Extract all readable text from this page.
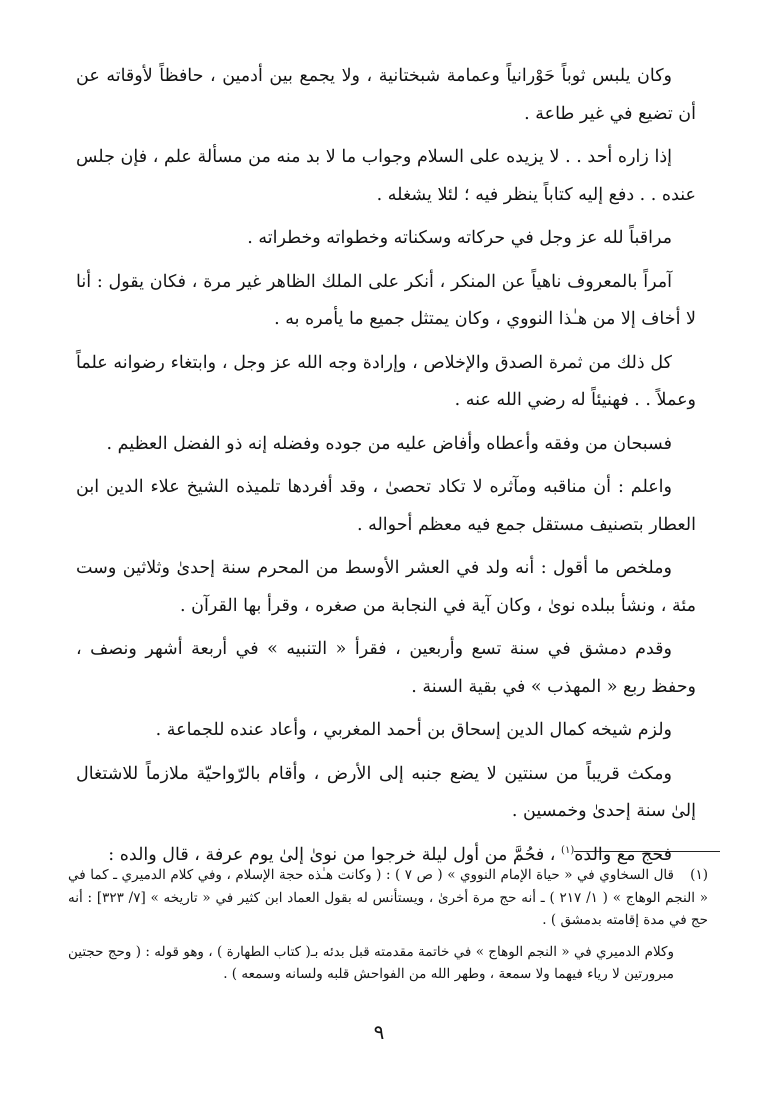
وكان يلبس ثوباً حَوْرانياً وعمامة شبختانية ، ولا يجمع بين أدمين ، حافظاً لأوقاته عن أن تضيع في غير طاعة .

إذا زاره أحد . . لا يزيده على السلام وجواب ما لا بد منه من مسألة علم ، فإن جلس عنده . . دفع إليه كتاباً ينظر فيه ؛ لئلا يشغله .

مراقباً لله عز وجل في حركاته وسكناته وخطواته وخطراته .

آمراً بالمعروف ناهياً عن المنكر ، أنكر على الملك الظاهر غير مرة ، فكان يقول : أنا لا أخاف إلا من هـٰذا النووي ، وكان يمتثل جميع ما يأمره به .

كل ذلك من ثمرة الصدق والإخلاص ، وإرادة وجه الله عز وجل ، وابتغاء رضوانه علماً وعملاً . . فهنيئاً له رضي الله عنه .

فسبحان من وفقه وأعطاه وأفاض عليه من جوده وفضله إنه ذو الفضل العظيم .

واعلم : أن مناقبه ومآثره لا تكاد تحصىٰ ، وقد أفردها تلميذه الشيخ علاء الدين ابن العطار بتصنيف مستقل جمع فيه معظم أحواله .

وملخص ما أقول : أنه ولد في العشر الأوسط من المحرم سنة إحدىٰ وثلاثين وست مئة ، ونشأ ببلده نوىٰ ، وكان آية في النجابة من صغره ، وقرأ بها القرآن .

وقدم دمشق في سنة تسع وأربعين ، فقرأ « التنبيه » في أربعة أشهر ونصف ، وحفظ ربع « المهذب » في بقية السنة .

ولزم شيخه كمال الدين إسحاق بن أحمد المغربي ، وأعاد عنده للجماعة .

ومكث قريباً من سنتين لا يضع جنبه إلى الأرض ، وأقام بالرّواحيّة ملازماً للاشتغال إلىٰ سنة إحدىٰ وخمسين .

فحج مع والده$^{(١)}$ ، فحُمَّ من أول ليلة خرجوا من نوىٰ إلىٰ يوم عرفة ، قال والده :

(١)قال السخاوي في « حياة الإمام النووي » ( ص ٧ ) : ( وكانت هـٰذه حجة الإسلام ، وفي كلام الدميري ـ كما في « النجم الوهاج » ( ١/ ٢١٧ ) ـ أنه حج مرة أخرىٰ ، ويستأنس له بقول العماد ابن كثير في « تاريخه » [٧/ ٣٢٣] : أنه حج في مدة إقامته بدمشق ) .

وكلام الدميري في « النجم الوهاج » في خاتمة مقدمته قبل بدئه بـ( كتاب الطهارة ) ، وهو قوله : ( وحج حجتين مبرورتين لا رياء فيهما ولا سمعة ، وطهر الله من الفواحش قلبه ولسانه وسمعه ) .

٩
